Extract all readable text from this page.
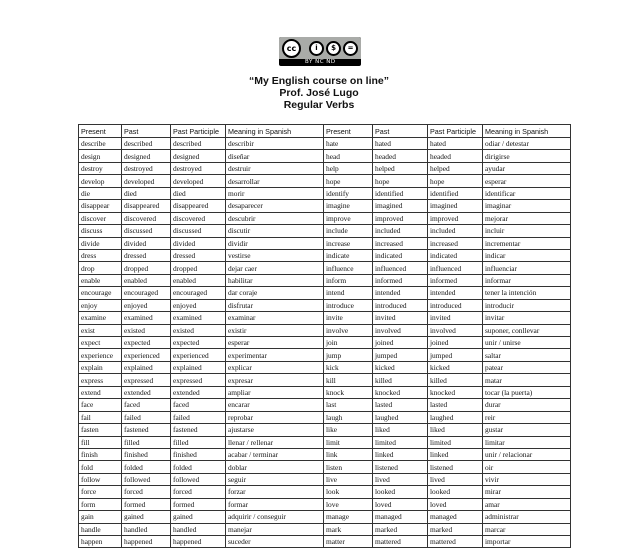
cc	i	$	=
BY NC ND
“My English course on line”
Prof. José Lugo
Regular Verbs
Present	Past	Past Participle	Meaning in Spanish	Present	Past	Past Participle	Meaning in Spanish
describe	described	described	describir	hate	hated	hated	odiar / detestar
design	designed	designed	diseñar	head	headed	headed	dirigirse
destroy	destroyed	destroyed	destruir	help	helped	helped	ayudar
develop	developed	developed	desarrollar	hope	hope	hope	esperar
die	died	died	morir	identify	identified	identified	identificar
disappear	disappeared	disappeared	desaparecer	imagine	imagined	imagined	imaginar
discover	discovered	discovered	descubrir	improve	improved	improved	mejorar
discuss	discussed	discussed	discutir	include	included	included	incluir
divide	divided	divided	dividir	increase	increased	increased	incrementar
dress	dressed	dressed	vestirse	indicate	indicated	indicated	indicar
drop	dropped	dropped	dejar caer	influence	influenced	influenced	influenciar
enable	enabled	enabled	habilitar	inform	informed	informed	informar
encourage	encouraged	encouraged	dar coraje	intend	intended	intended	tener la intención
enjoy	enjoyed	enjoyed	disfrutar	introduce	introduced	introduced	introducir
examine	examined	examined	examinar	invite	invited	invited	invitar
exist	existed	existed	existir	involve	involved	involved	suponer, conllevar
expect	expected	expected	esperar	join	joined	joined	unir / unirse
experience	experienced	experienced	experimentar	jump	jumped	jumped	saltar
explain	explained	explained	explicar	kick	kicked	kicked	patear
express	expressed	expressed	expresar	kill	killed	killed	matar
extend	extended	extended	ampliar	knock	knocked	knocked	tocar (la puerta)
face	faced	faced	encarar	last	lasted	lasted	durar
fail	failed	failed	reprobar	laugh	laughed	laughed	reir
fasten	fastened	fastened	ajustarse	like	liked	liked	gustar
fill	filled	filled	llenar / rellenar	limit	limited	limited	limitar
finish	finished	finished	acabar / terminar	link	linked	linked	unir / relacionar
fold	folded	folded	doblar	listen	listened	listened	oir
follow	followed	followed	seguir	live	lived	lived	vivir
force	forced	forced	forzar	look	looked	looked	mirar
form	formed	formed	formar	love	loved	loved	amar
gain	gained	gained	adquirir / conseguir	manage	managed	managed	administrar
handle	handled	handled	manejar	mark	marked	marked	marcar
happen	happened	happened	suceder	matter	mattered	mattered	importar
